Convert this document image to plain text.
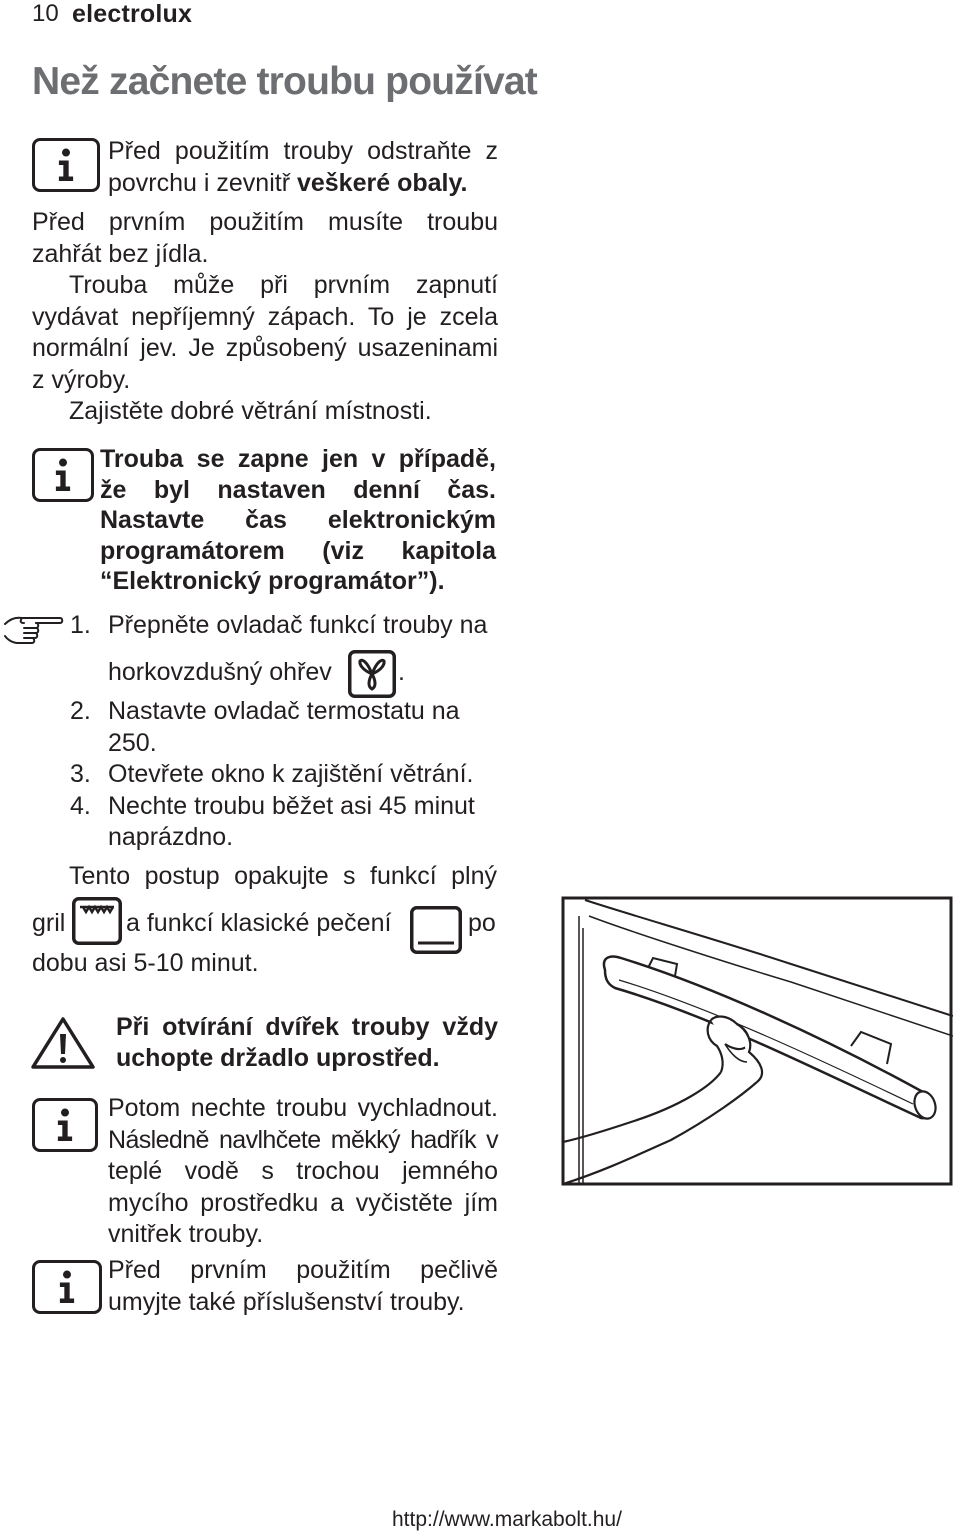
10 electrolux
Než začnete troubu používat
Před použitím trouby odstraňte z
povrchu i zevnitř veškeré obaly.
Před prvním použitím musíte troubu
zahřát bez jídla.
Trouba může při prvním zapnutí
vydávat nepříjemný zápach. To je zcela
normální jev. Je způsobený usazeninami
z výroby.
Zajistěte dobré větrání místnosti.
Trouba se zapne jen v případě,
že byl nastaven denní čas.
Nastavte čas elektronickým
programátorem (viz kapitola
“Elektronický programátor”).
1. Přepněte ovladač funkcí trouby na
horkovzdušný ohřev	.
2. Nastavte ovladač termostatu na
250.
3. Otevřete okno k zajištění větrání.
4. Nechte troubu běžet asi 45 minut
naprázdno.
Tento postup opakujte s funkcí plný
gril a funkcí klasické pečení	po
dobu asi 5-10 minut.
Při otvírání dvířek trouby vždy
uchopte držadlo uprostřed.
Potom nechte troubu vychladnout.
Následně navlhčete měkký hadřík v
teplé vodě s trochou jemného
mycího prostředku a vyčistěte jím
vnitřek trouby.
Před prvním použitím pečlivě
umyjte také příslušenství trouby.
http://www.markabolt.hu/
